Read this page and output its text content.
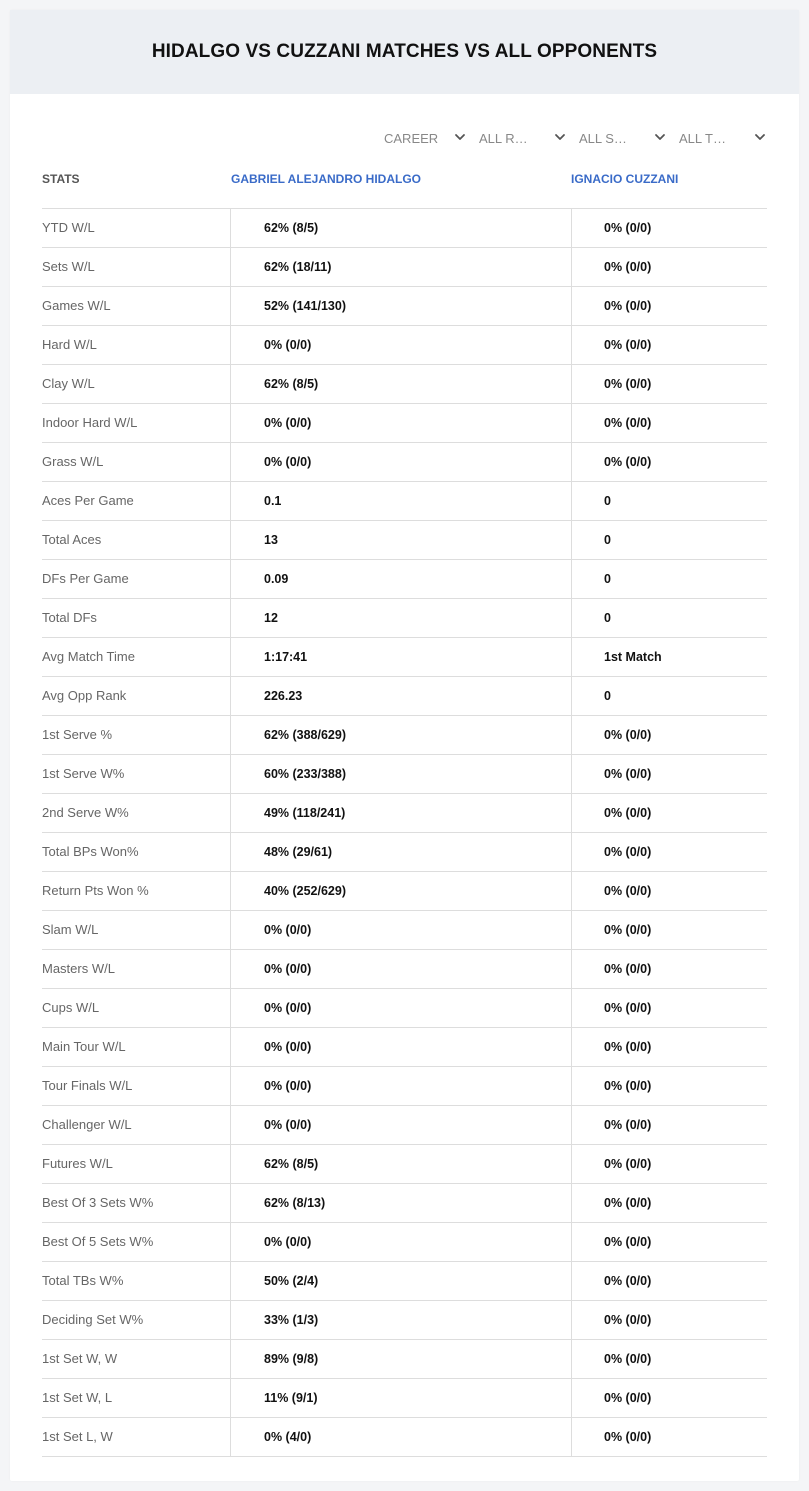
HIDALGO VS CUZZANI MATCHES VS ALL OPPONENTS
CAREER	ALL R…	ALL S…	ALL T…
STATS	GABRIEL ALEJANDRO HIDALGO	IGNACIO CUZZANI
YTD W/L	62% (8/5)	0% (0/0)
Sets W/L	62% (18/11)	0% (0/0)
Games W/L	52% (141/130)	0% (0/0)
Hard W/L	0% (0/0)	0% (0/0)
Clay W/L	62% (8/5)	0% (0/0)
Indoor Hard W/L	0% (0/0)	0% (0/0)
Grass W/L	0% (0/0)	0% (0/0)
Aces Per Game	0.1	0
Total Aces	13	0
DFs Per Game	0.09	0
Total DFs	12	0
Avg Match Time	1:17:41	1st Match
Avg Opp Rank	226.23	0
1st Serve %	62% (388/629)	0% (0/0)
1st Serve W%	60% (233/388)	0% (0/0)
2nd Serve W%	49% (118/241)	0% (0/0)
Total BPs Won%	48% (29/61)	0% (0/0)
Return Pts Won %	40% (252/629)	0% (0/0)
Slam W/L	0% (0/0)	0% (0/0)
Masters W/L	0% (0/0)	0% (0/0)
Cups W/L	0% (0/0)	0% (0/0)
Main Tour W/L	0% (0/0)	0% (0/0)
Tour Finals W/L	0% (0/0)	0% (0/0)
Challenger W/L	0% (0/0)	0% (0/0)
Futures W/L	62% (8/5)	0% (0/0)
Best Of 3 Sets W%	62% (8/13)	0% (0/0)
Best Of 5 Sets W%	0% (0/0)	0% (0/0)
Total TBs W%	50% (2/4)	0% (0/0)
Deciding Set W%	33% (1/3)	0% (0/0)
1st Set W, W	89% (9/8)	0% (0/0)
1st Set W, L	11% (9/1)	0% (0/0)
1st Set L, W	0% (4/0)	0% (0/0)
